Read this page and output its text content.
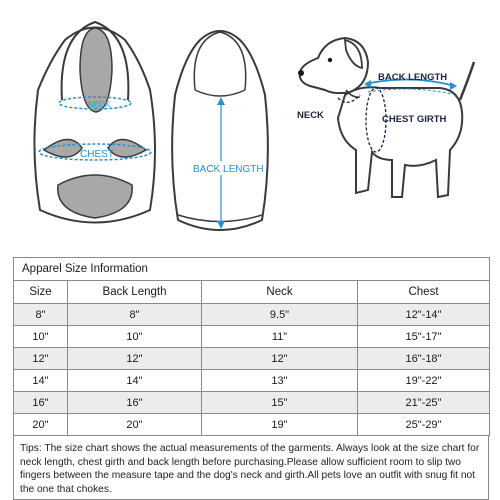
NECK
CHEST
BACK LENGTH
BACK LENGTH
NECK	CHEST GIRTH
Apparel Size Information			
Size	Back Length	Neck	Chest
8"	8"	9.5"	12"-14"
10"	10"	11"	15"-17"
12"	12"	12"	16"-18"
14"	14"	13"	19"-22"
16"	16"	15"	21"-25"
20"	20"	19"	25"-29"
Tips: The size chart shows the actual measurements of the garments. Always look at the size chart for neck length, chest girth and back length before purchasing.Please allow sufficient room to slip two fingers between the measure tape and the dog's neck and girth.All pets love an outfit with snug fit not the one that chokes.
